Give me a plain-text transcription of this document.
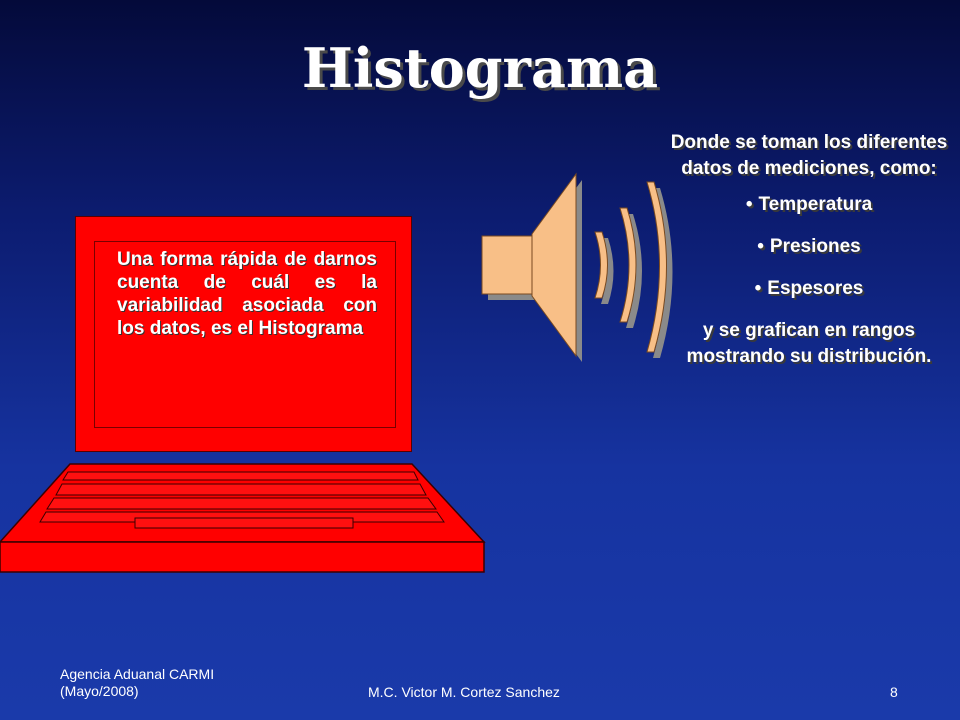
Histograma

Una forma rápida de darnos cuenta de cuál es la variabilidad asociada con los datos, es el Histograma

Donde se toman los diferentes datos de mediciones, como:

• Temperatura
• Presiones
• Espesores

y se grafican en rangos mostrando su distribución.

Agencia Aduanal CARMI
(Mayo/2008)	M.C. Victor M. Cortez Sanchez	8
